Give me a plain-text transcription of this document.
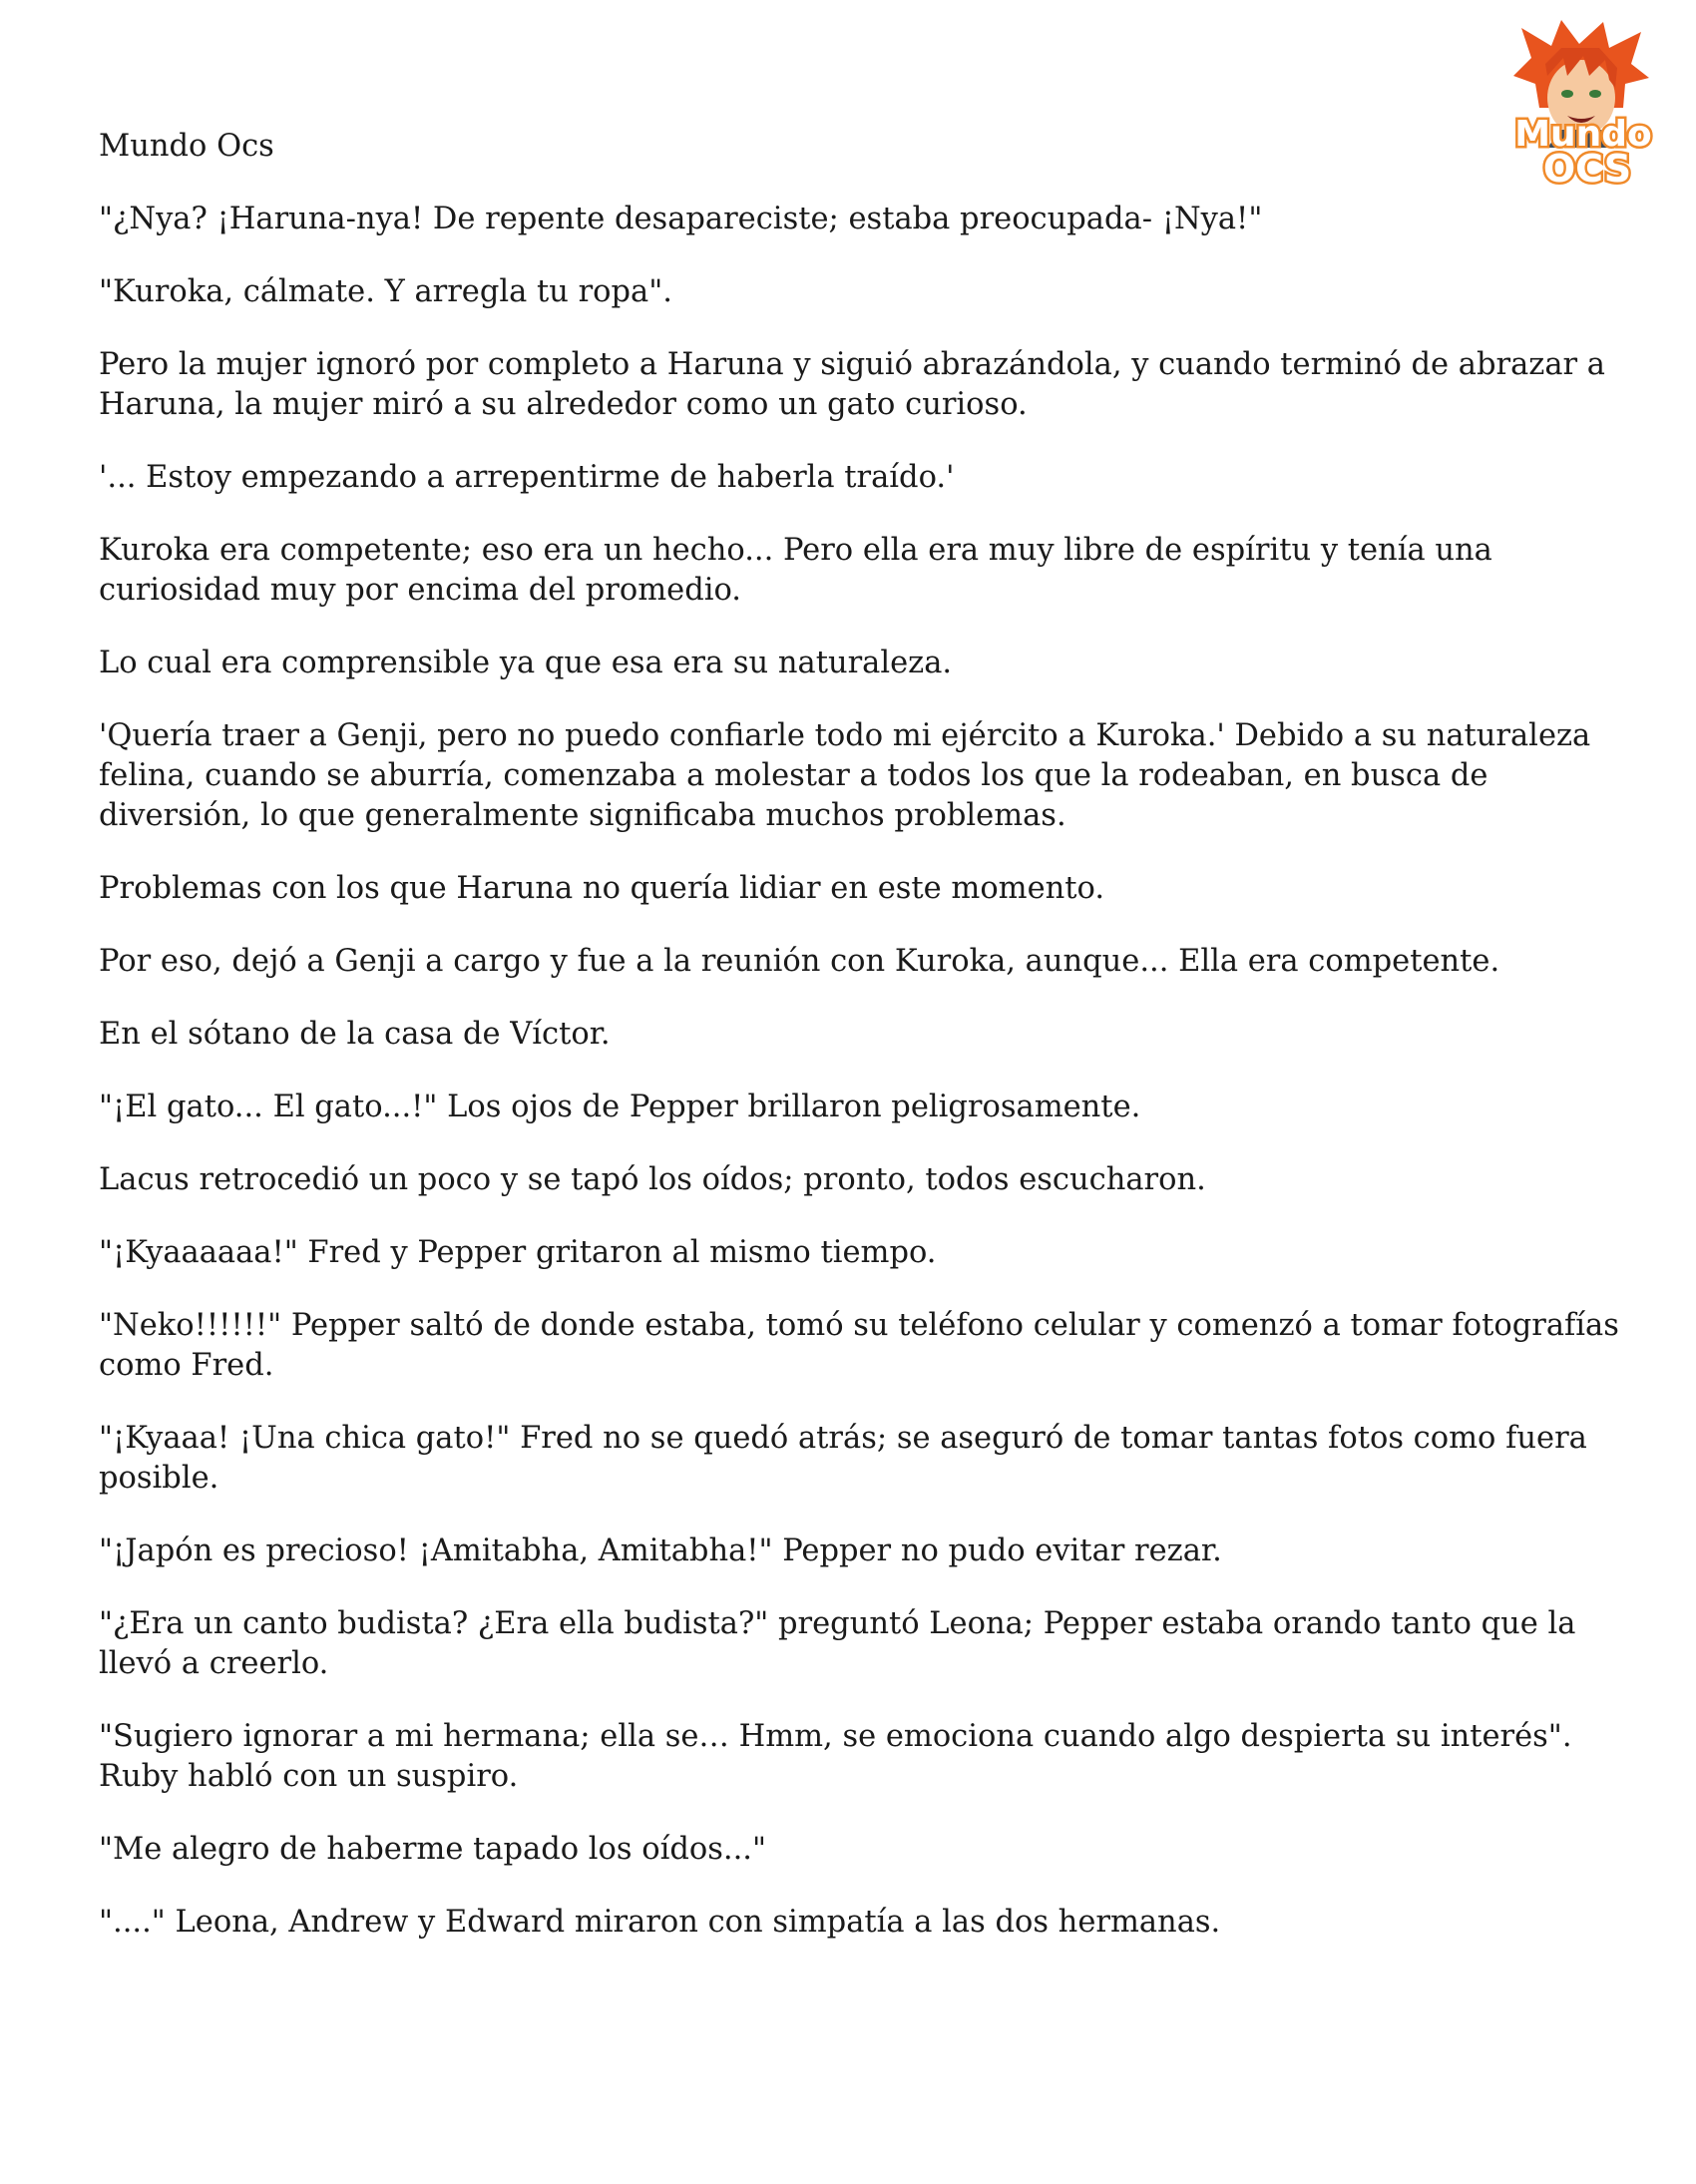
Mundo
OCS
Mundo Ocs

"¿Nya? ¡Haruna-nya! De repente desapareciste; estaba preocupada- ¡Nya!"

"Kuroka, cálmate. Y arregla tu ropa".

Pero la mujer ignoró por completo a Haruna y siguió abrazándola, y cuando terminó de abrazar a Haruna, la mujer miró a su alrededor como un gato curioso.

'... Estoy empezando a arrepentirme de haberla traído.'

Kuroka era competente; eso era un hecho... Pero ella era muy libre de espíritu y tenía una curiosidad muy por encima del promedio.

Lo cual era comprensible ya que esa era su naturaleza.

'Quería traer a Genji, pero no puedo confiarle todo mi ejército a Kuroka.' Debido a su naturaleza felina, cuando se aburría, comenzaba a molestar a todos los que la rodeaban, en busca de diversión, lo que generalmente significaba muchos problemas.

Problemas con los que Haruna no quería lidiar en este momento.

Por eso, dejó a Genji a cargo y fue a la reunión con Kuroka, aunque... Ella era competente.

En el sótano de la casa de Víctor.

"¡El gato... El gato...!" Los ojos de Pepper brillaron peligrosamente.

Lacus retrocedió un poco y se tapó los oídos; pronto, todos escucharon.

"¡Kyaaaaaa!" Fred y Pepper gritaron al mismo tiempo.

"Neko!!!!!!" Pepper saltó de donde estaba, tomó su teléfono celular y comenzó a tomar fotografías como Fred.

"¡Kyaaa! ¡Una chica gato!" Fred no se quedó atrás; se aseguró de tomar tantas fotos como fuera posible.

"¡Japón es precioso! ¡Amitabha, Amitabha!" Pepper no pudo evitar rezar.

"¿Era un canto budista? ¿Era ella budista?" preguntó Leona; Pepper estaba orando tanto que la llevó a creerlo.

"Sugiero ignorar a mi hermana; ella se… Hmm, se emociona cuando algo despierta su interés". Ruby habló con un suspiro.

"Me alegro de haberme tapado los oídos..."

"...." Leona, Andrew y Edward miraron con simpatía a las dos hermanas.
